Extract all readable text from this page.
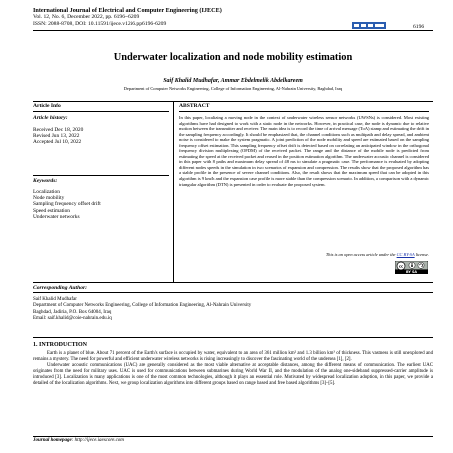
International Journal of Electrical and Computer Engineering (IJECE)
Vol. 12, No. 6, December 2022, pp. 6196~6209
ISSN: 2088-8708, DOI: 10.11591/ijece.v12i6.pp6196-6209	6196
Underwater localization and node mobility estimation
Saif Khalid Mudhafar, Ammar Ebdelmelik Abdelkareem
Department of Computer Networks Engineering, College of Information Engineering, Al-Nahrain University, Baghdad, Iraq
Article Info
Article history:
Received Dec 18, 2020
Revised Jun 13, 2022
Accepted Jul 10, 2022
Keywords:
Localization
Node mobility
Sampling frequency offset drift
Speed estimation
Underwater networks
ABSTRACT
In this paper, localizing a moving node in the context of underwater wireless sensor networks (UWSNs) is considered. Most existing algorithms have had designed to work with a static node in the networks. However, in practical case, the node is dynamic due to relative motion between the transmitter and receiver. The main idea is to record the time of arrival message (ToA) stamp and estimating the drift in the sampling frequency accordingly. It should be emphasized that, the channel conditions such as multipath and delay spread, and ambient noise is considered to make the system pragmatic. A joint prediction of the node mobility and speed are estimated based on the sampling frequency offset estimation. This sampling frequency offset drift is detected based on correlating an anticipated window in the orthogonal frequency division multiplexing (OFDM) of the received packet. The range and the distance of the mobile node is predicted from estimating the speed at the received packet and reused in the position estimation algorithm. The underwater acoustic channel is considered in this paper with 8 paths and maximum delay spread of 48 ms to simulate a pragmatic case. The performance is evaluated by adopting different nodes speeds in the simulation in two scenarios of expansion and compression. The results show that the proposed algorithm has a stable profile in the presence of severe channel conditions. Also, the result shows that the maximum speed that can be adopted in this algorithm is 9 km/h and the expansion case profile is more stable than the compression scenario. In addition, a comparison with a dynamic triangular algorithm (DTN) is presented in order to evaluate the proposed system.
This is an open access article under the CC BY-SA license.
cc
BY SA
Corresponding Author:
Saif Khalid Mudhafar
Department of Computer Networks Engineering, College of Information Engineering, Al-Nahrain University
Baghdad, Jadiria, P.O. Box 64004, Iraq
Email: saif.khalid@coie-nahrain.edu.iq
1. INTRODUCTION
Earth is a planet of blue. About 71 percent of the Earth's surface is occupied by water, equivalent to an area of 361 million km² and 1.3 billion km³ of thickness. This vastness is still unexplored and remains a mystery. The need for powerful and efficient underwater wireless networks is rising increasingly to discover the fascinating world of the undersea [1], [2].
Underwater acoustic communications (UAC) are generally considered as the most viable alternative at acceptable distances, among the different means of communication. The earliest UAC originates from the need for military uses. UAC is used for communications between submarines during World War II, and the modulation of the analog one-sideband suppressed-carrier amplitude is introduced [3]. Localization is many applications is one of the most common technologies, although it plays an essential role. Motivated by widespread localization adoption, in this paper, we provide a detailed of the localization algorithms. Next, we group localization algorithms into different groups based on range based and free based algorithms [3]–[5].
Journal homepage: http://ijece.iaescore.com
